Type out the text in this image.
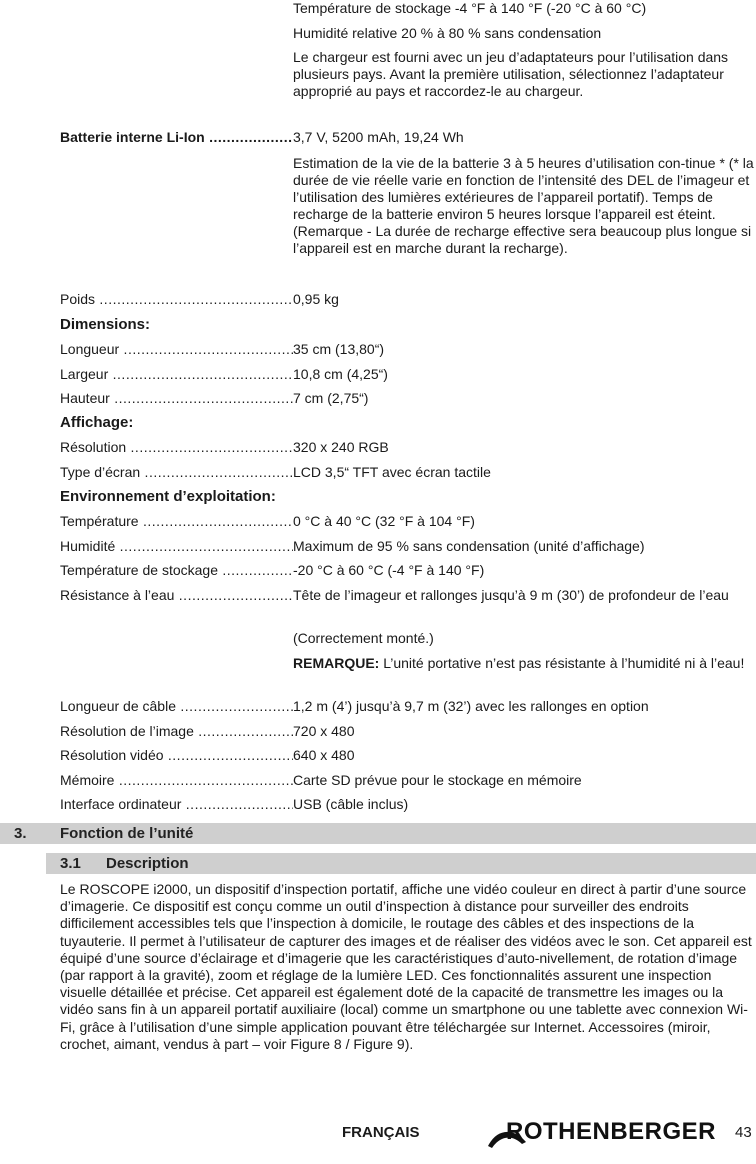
Température de stockage -4 °F à 140 °F (-20 °C à 60 °C)
Humidité relative 20 % à 80 % sans condensation
Le chargeur est fourni avec un jeu d’adaptateurs pour l’utilisation dans plusieurs pays. Avant la première utilisation, sélectionnez l’adaptateur approprié au pays et raccordez-le au chargeur.
Batterie interne Li-Ion .....	3,7 V, 5200 mAh, 19,24 Wh
Estimation de la vie de la batterie 3 à 5 heures d’utilisation con-tinue * (* la durée de vie réelle varie en fonction de l’intensité des DEL de l’imageur et l’utilisation des lumières extérieures de l’appareil portatif). Temps de recharge de la batterie environ 5 heures lorsque l’appareil est éteint. (Remarque - La durée de recharge effective sera beaucoup plus longue si l’appareil est en marche durant la recharge).
Poids .....	0,95 kg
Dimensions:
Longueur .....	35 cm (13,80“)
Largeur .....	10,8 cm (4,25“)
Hauteur .....	7 cm (2,75“)
Affichage:
Résolution .....	320 x 240 RGB
Type d’écran .....	LCD 3,5“ TFT avec écran tactile
Environnement d’exploitation:
Température .....	0 °C à 40 °C (32 °F à 104 °F)
Humidité .....	Maximum de 95 % sans condensation (unité d’affichage)
Température de stockage .....	-20 °C à 60 °C (-4 °F à 140 °F)
Résistance à l’eau .....	Tête de l’imageur et rallonges jusqu’à 9 m (30’) de profondeur de l’eau
(Correctement monté.)
REMARQUE: L’unité portative n’est pas résistante à l’humidité ni à l’eau!
Longueur de câble .....	1,2 m (4’) jusqu’à 9,7 m (32’) avec les rallonges en option
Résolution de l’image .....	720 x 480
Résolution vidéo .....	640 x 480
Mémoire .....	Carte SD prévue pour le stockage en mémoire
Interface ordinateur .....	USB (câble inclus)
3. Fonction de l’unité
3.1 Description
Le ROSCOPE i2000, un dispositif d’inspection portatif, affiche une vidéo couleur en direct à partir d’une source d’imagerie. Ce dispositif est conçu comme un outil d’inspection à distance pour surveiller des endroits difficilement accessibles tels que l’inspection à domicile, le routage des câbles et des inspections de la tuyauterie. Il permet à l’utilisateur de capturer des images et de réaliser des vidéos avec le son. Cet appareil est équipé d’une source d’éclairage et d’imagerie que les caractéristiques d’auto-nivellement, de rotation d’image (par rapport à la gravité), zoom et réglage de la lumière LED. Ces fonctionnalités assurent une inspection visuelle détaillée et précise. Cet appareil est également doté de la capacité de transmettre les images ou la vidéo sans fin à un appareil portatif auxiliaire (local) comme un smartphone ou une tablette avec connexion Wi-Fi, grâce à l’utilisation d’une simple application pouvant être téléchargée sur Internet. Accessoires (miroir, crochet, aimant, vendus à part – voir Figure 8 / Figure 9).
FRANÇAIS	ROTHENBERGER 43
